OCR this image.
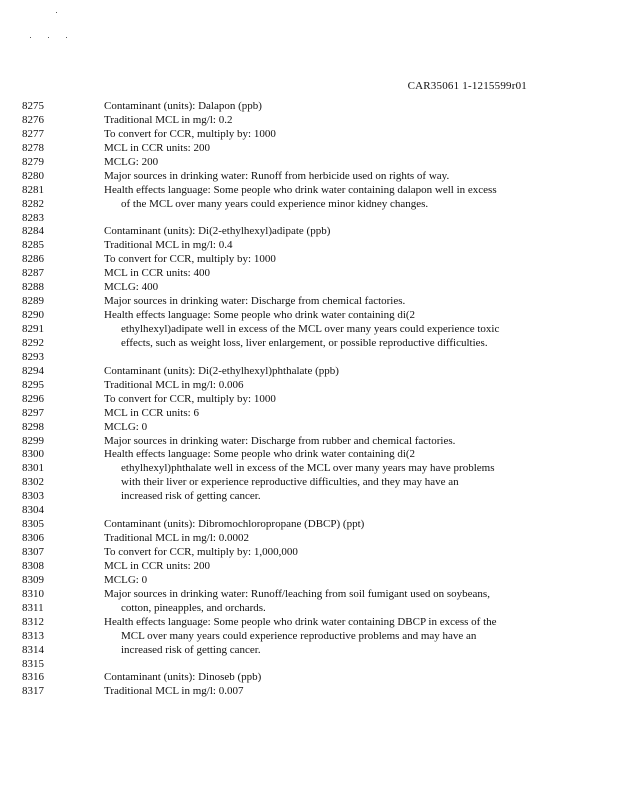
CAR35061 1-1215599r01
8275	Contaminant (units): Dalapon (ppb)
8276	Traditional MCL in mg/l: 0.2
8277	To convert for CCR, multiply by: 1000
8278	MCL in CCR units: 200
8279	MCLG: 200
8280	Major sources in drinking water: Runoff from herbicide used on rights of way.
8281	Health effects language: Some people who drink water containing dalapon well in excess
8282	of the MCL over many years could experience minor kidney changes.
8283
8284	Contaminant (units): Di(2-ethylhexyl)adipate (ppb)
8285	Traditional MCL in mg/l: 0.4
8286	To convert for CCR, multiply by: 1000
8287	MCL in CCR units: 400
8288	MCLG: 400
8289	Major sources in drinking water: Discharge from chemical factories.
8290	Health effects language: Some people who drink water containing di(2
8291	ethylhexyl)adipate well in excess of the MCL over many years could experience toxic
8292	effects, such as weight loss, liver enlargement, or possible reproductive difficulties.
8293
8294	Contaminant (units): Di(2-ethylhexyl)phthalate (ppb)
8295	Traditional MCL in mg/l: 0.006
8296	To convert for CCR, multiply by: 1000
8297	MCL in CCR units: 6
8298	MCLG: 0
8299	Major sources in drinking water: Discharge from rubber and chemical factories.
8300	Health effects language: Some people who drink water containing di(2
8301	ethylhexyl)phthalate well in excess of the MCL over many years may have problems
8302	with their liver or experience reproductive difficulties, and they may have an
8303	increased risk of getting cancer.
8304
8305	Contaminant (units): Dibromochloropropane (DBCP) (ppt)
8306	Traditional MCL in mg/l: 0.0002
8307	To convert for CCR, multiply by: 1,000,000
8308	MCL in CCR units: 200
8309	MCLG: 0
8310	Major sources in drinking water: Runoff/leaching from soil fumigant used on soybeans,
8311	cotton, pineapples, and orchards.
8312	Health effects language: Some people who drink water containing DBCP in excess of the
8313	MCL over many years could experience reproductive problems and may have an
8314	increased risk of getting cancer.
8315
8316	Contaminant (units): Dinoseb (ppb)
8317	Traditional MCL in mg/l: 0.007
